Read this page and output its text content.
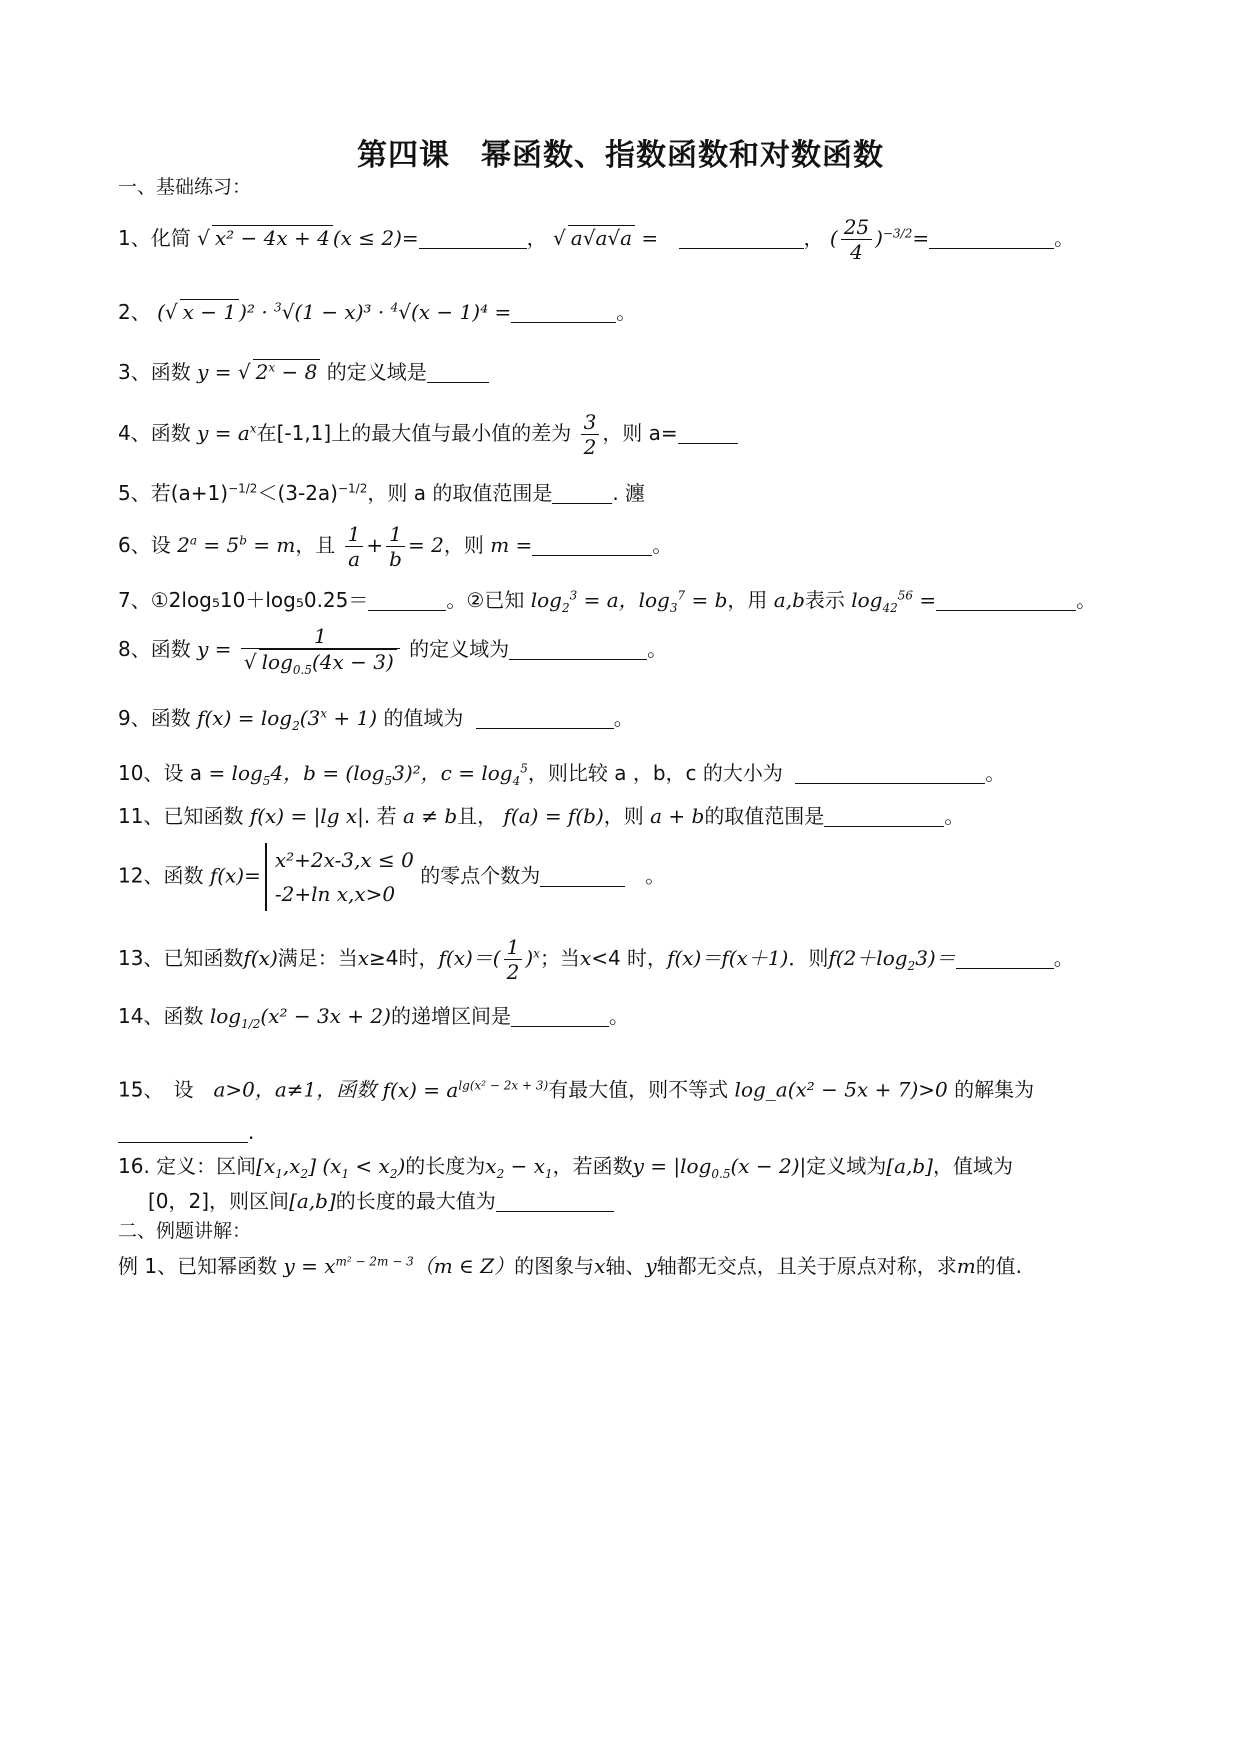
第四课　幂函数、指数函数和对数函数
一、基础练习：
1、化简 √ x² − 4x + 4 (x ≤ 2)=	， √ a√a√a =	， ( $\frac{25}{4} )^{-3/2}=$	。
2、 (√ x − 1 )² · $^3$√(1 − x)³ · $^4$√(x − 1)⁴ =	。
3、函数 y = √ $2^x - 8$ 的定义域是
4、函数 $y = a^x$在[-1,1]上的最大值与最小值的差为 $\frac{3}{2}$ ，则 a=
5、若$(a+1)^{-1/2}<(3-2a)^{-1/2}$，则 a 的取值范围是	. 瀍
6、设 $2^a = 5^b = m$，且 $\frac{1}{a} + \frac{1}{b} = 2$，则 m =	。
7、①2log₅10＋log₅0.25＝	。②已知 $\log_2^3 = a$，$\log_3^7 = b$，用 a,b表示 $\log_{42}^{56}$ =	。
8、函数 $y = \frac{1}{√ \log_{0.5}(4x - 3)}$ 的定义域为	。
9、函数 $f(x) = \log_2(3^x + 1)$ 的值域为	。
10、设 $a = \log_54$，$b = (\log_53)^2$，$c = \log_4^5$，则比较 a ，b，c 的大小为	。
11、已知函数 f(x) = |lg x|. 若 a ≠ b且， f(a) = f(b)，则 a + b的取值范围是	。
12、函数 f(x)=
x²+2x-3,x ≤ 0
-2+ln x,x>0
的零点个数为	　。
13、已知函数f(x)满足：当x≥4时，$f(x)=( \frac{1}{2} )^x$；当x<4 时，f(x)＝f(x＋1)．则$f(2+\log_23)=$	。
14、函数 $\log_{1/2}(x^2 - 3x + 2)$的递增区间是	。
15、　 设　 a>0，a≠1，函数 $f(x) = a^{lg(x^2 - 2x + 3)}$有最大值，则不等式 log_a(x² − 5x + 7)>0 的解集为
.
16. 定义：区间$[x_1,x_2] (x_1 < x_2)$的长度为$x_2 - x_1$，若函数$y = |\log_{0.5}(x - 2)|$定义域为[a,b]，值域为
[0，2]，则区间[a,b]的长度的最大值为
二、例题讲解：
例 1、已知幂函数 $y = x^{m^2 - 2m - 3}(m$ ∈ Z）的图象与x轴、y轴都无交点，且关于原点对称，求m的值.
